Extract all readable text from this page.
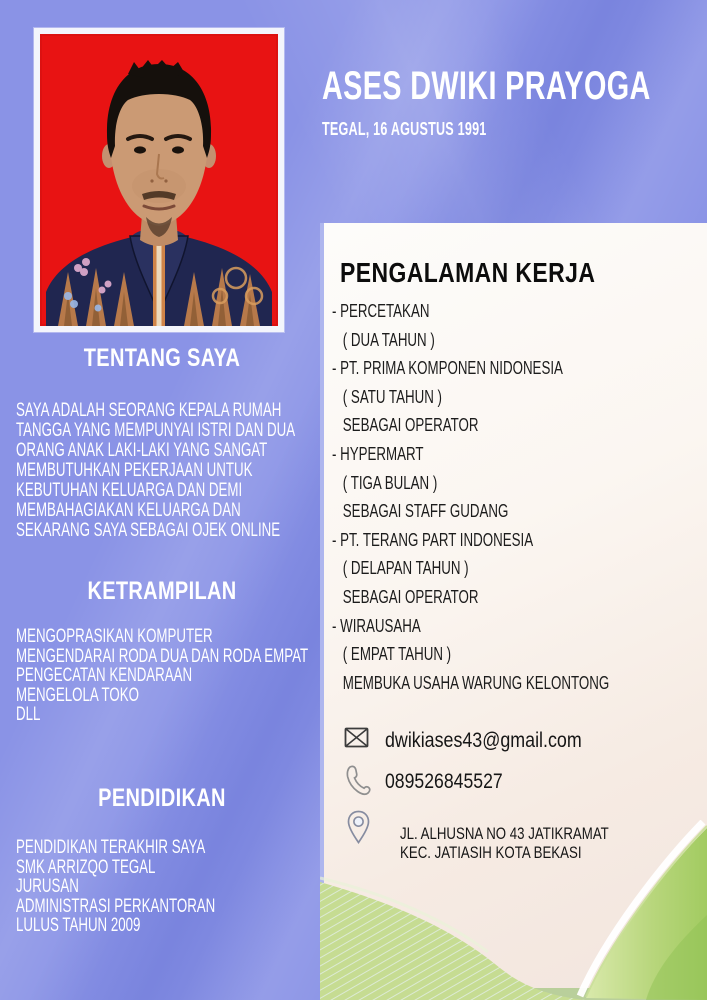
ASES DWIKI PRAYOGA
TEGAL, 16 AGUSTUS 1991
TENTANG SAYA
SAYA ADALAH SEORANG KEPALA RUMAH
TANGGA YANG MEMPUNYAI ISTRI DAN DUA
ORANG ANAK LAKI-LAKI YANG SANGAT
MEMBUTUHKAN PEKERJAAN UNTUK
KEBUTUHAN KELUARGA DAN DEMI
MEMBAHAGIAKAN KELUARGA DAN
SEKARANG SAYA SEBAGAI OJEK ONLINE
KETRAMPILAN
MENGOPRASIKAN KOMPUTER
MENGENDARAI RODA DUA DAN RODA EMPAT
PENGECATAN KENDARAAN
MENGELOLA TOKO
DLL
PENDIDIKAN
PENDIDIKAN TERAKHIR SAYA
SMK ARRIZQO TEGAL
JURUSAN
ADMINISTRASI PERKANTORAN
LULUS TAHUN 2009
PENGALAMAN KERJA
- PERCETAKAN
( DUA TAHUN )
- PT. PRIMA KOMPONEN NIDONESIA
( SATU TAHUN )
SEBAGAI OPERATOR
- HYPERMART
( TIGA BULAN )
SEBAGAI STAFF GUDANG
- PT. TERANG PART INDONESIA
( DELAPAN TAHUN )
SEBAGAI OPERATOR
- WIRAUSAHA
( EMPAT TAHUN )
MEMBUKA USAHA WARUNG KELONTONG
dwikiases43@gmail.com
089526845527
JL. ALHUSNA NO 43 JATIKRAMAT
KEC. JATIASIH KOTA BEKASI
